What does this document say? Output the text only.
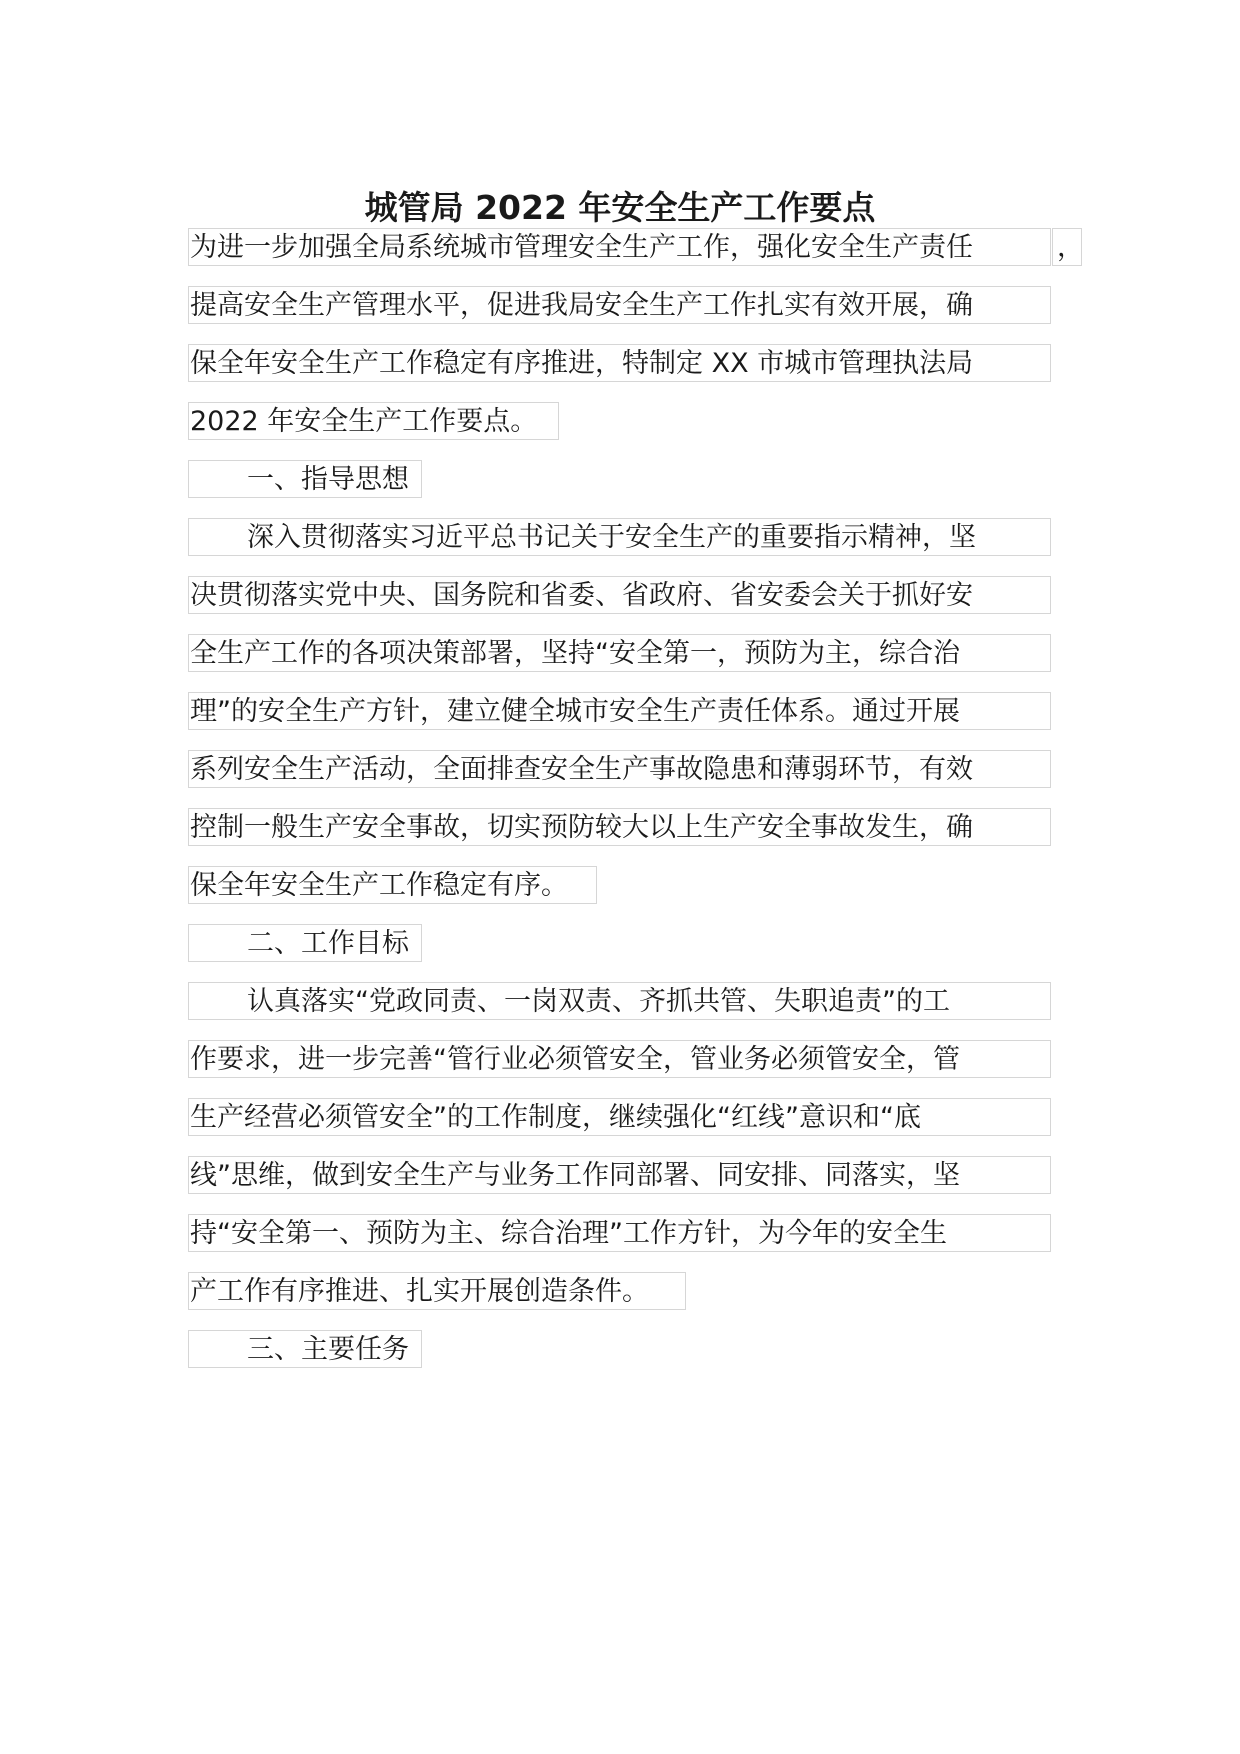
城管局 2022 年安全生产工作要点
为进一步加强全局系统城市管理安全生产工作，强化安全生产责任	，
提高安全生产管理水平，促进我局安全生产工作扎实有效开展，确
保全年安全生产工作稳定有序推进，特制定 XX 市城市管理执法局
2022 年安全生产工作要点。
一、指导思想
深入贯彻落实习近平总书记关于安全生产的重要指示精神，坚
决贯彻落实党中央、国务院和省委、省政府、省安委会关于抓好安
全生产工作的各项决策部署，坚持“安全第一，预防为主，综合治
理”的安全生产方针，建立健全城市安全生产责任体系。通过开展
系列安全生产活动，全面排查安全生产事故隐患和薄弱环节，有效
控制一般生产安全事故，切实预防较大以上生产安全事故发生，确
保全年安全生产工作稳定有序。
二、工作目标
认真落实“党政同责、一岗双责、齐抓共管、失职追责”的工
作要求，进一步完善“管行业必须管安全，管业务必须管安全，管
生产经营必须管安全”的工作制度，继续强化“红线”意识和“底
线”思维，做到安全生产与业务工作同部署、同安排、同落实，坚
持“安全第一、预防为主、综合治理”工作方针，为今年的安全生
产工作有序推进、扎实开展创造条件。
三、主要任务
